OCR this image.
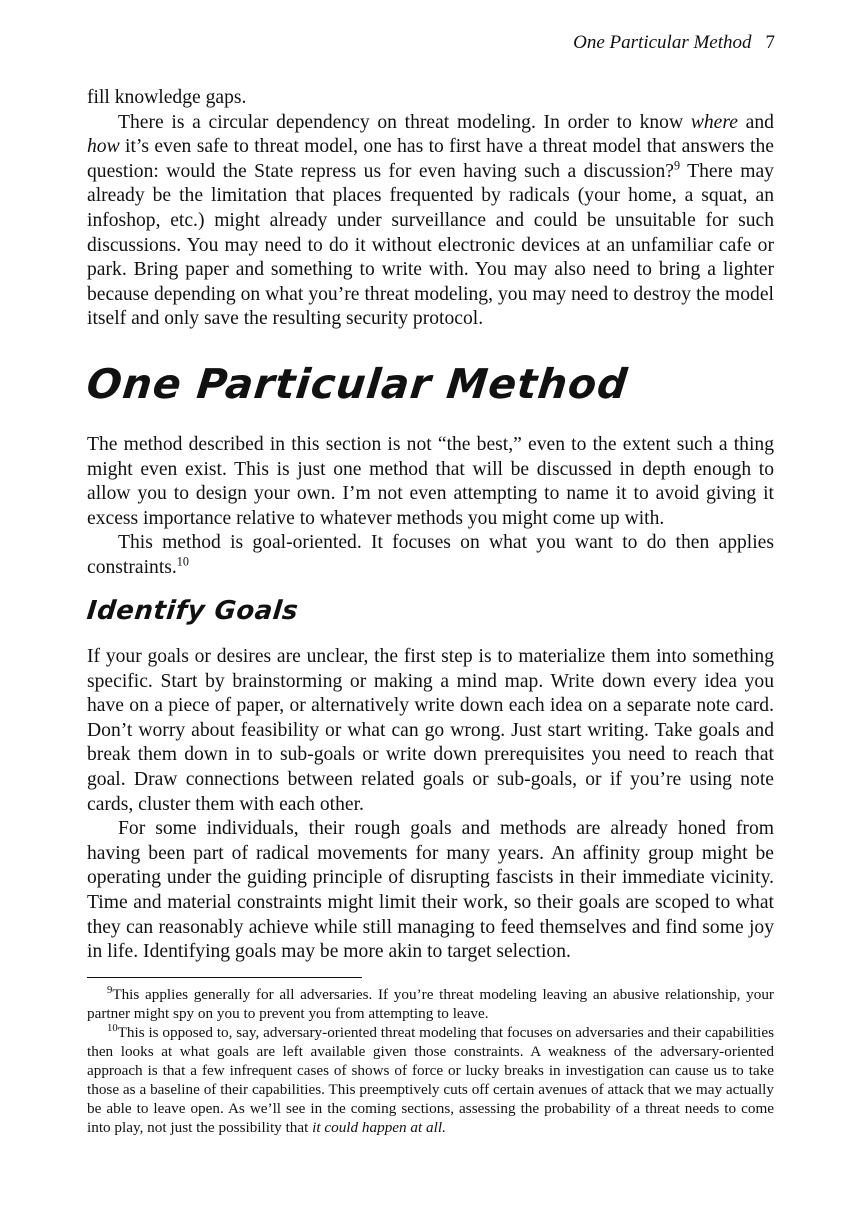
One Particular Method 7

fill knowledge gaps.

There is a circular dependency on threat modeling. In order to know where and how it’s even safe to threat model, one has to first have a threat model that answers the question: would the State repress us for even having such a discussion?$^9$ There may already be the limitation that places frequented by radicals (your home, a squat, an infoshop, etc.) might already under surveillance and could be unsuitable for such discussions. You may need to do it without electronic devices at an unfamiliar cafe or park. Bring paper and something to write with. You may also need to bring a lighter because depending on what you’re threat modeling, you may need to destroy the model itself and only save the resulting security protocol.

One Particular Method

The method described in this section is not “the best,” even to the extent such a thing might even exist. This is just one method that will be discussed in depth enough to allow you to design your own. I’m not even attempting to name it to avoid giving it excess importance relative to whatever methods you might come up with.

This method is goal-oriented. It focuses on what you want to do then applies constraints.$^{10}$

Identify Goals

If your goals or desires are unclear, the first step is to materialize them into something specific. Start by brainstorming or making a mind map. Write down every idea you have on a piece of paper, or alternatively write down each idea on a separate note card. Don’t worry about feasibility or what can go wrong. Just start writing. Take goals and break them down in to sub-goals or write down prerequisites you need to reach that goal. Draw connections between related goals or sub-goals, or if you’re using note cards, cluster them with each other.

For some individuals, their rough goals and methods are already honed from having been part of radical movements for many years. An affinity group might be operating under the guiding principle of disrupting fascists in their immediate vicinity. Time and material constraints might limit their work, so their goals are scoped to what they can reasonably achieve while still managing to feed themselves and find some joy in life. Identifying goals may be more akin to target selection.

$^9$This applies generally for all adversaries. If you’re threat modeling leaving an abusive relationship, your partner might spy on you to prevent you from attempting to leave.

$^{10}$This is opposed to, say, adversary-oriented threat modeling that focuses on adversaries and their capabilities then looks at what goals are left available given those constraints. A weakness of the adversary-oriented approach is that a few infrequent cases of shows of force or lucky breaks in investigation can cause us to take those as a baseline of their capabilities. This preemptively cuts off certain avenues of attack that we may actually be able to leave open. As we’ll see in the coming sections, assessing the probability of a threat needs to come into play, not just the possibility that it could happen at all.
